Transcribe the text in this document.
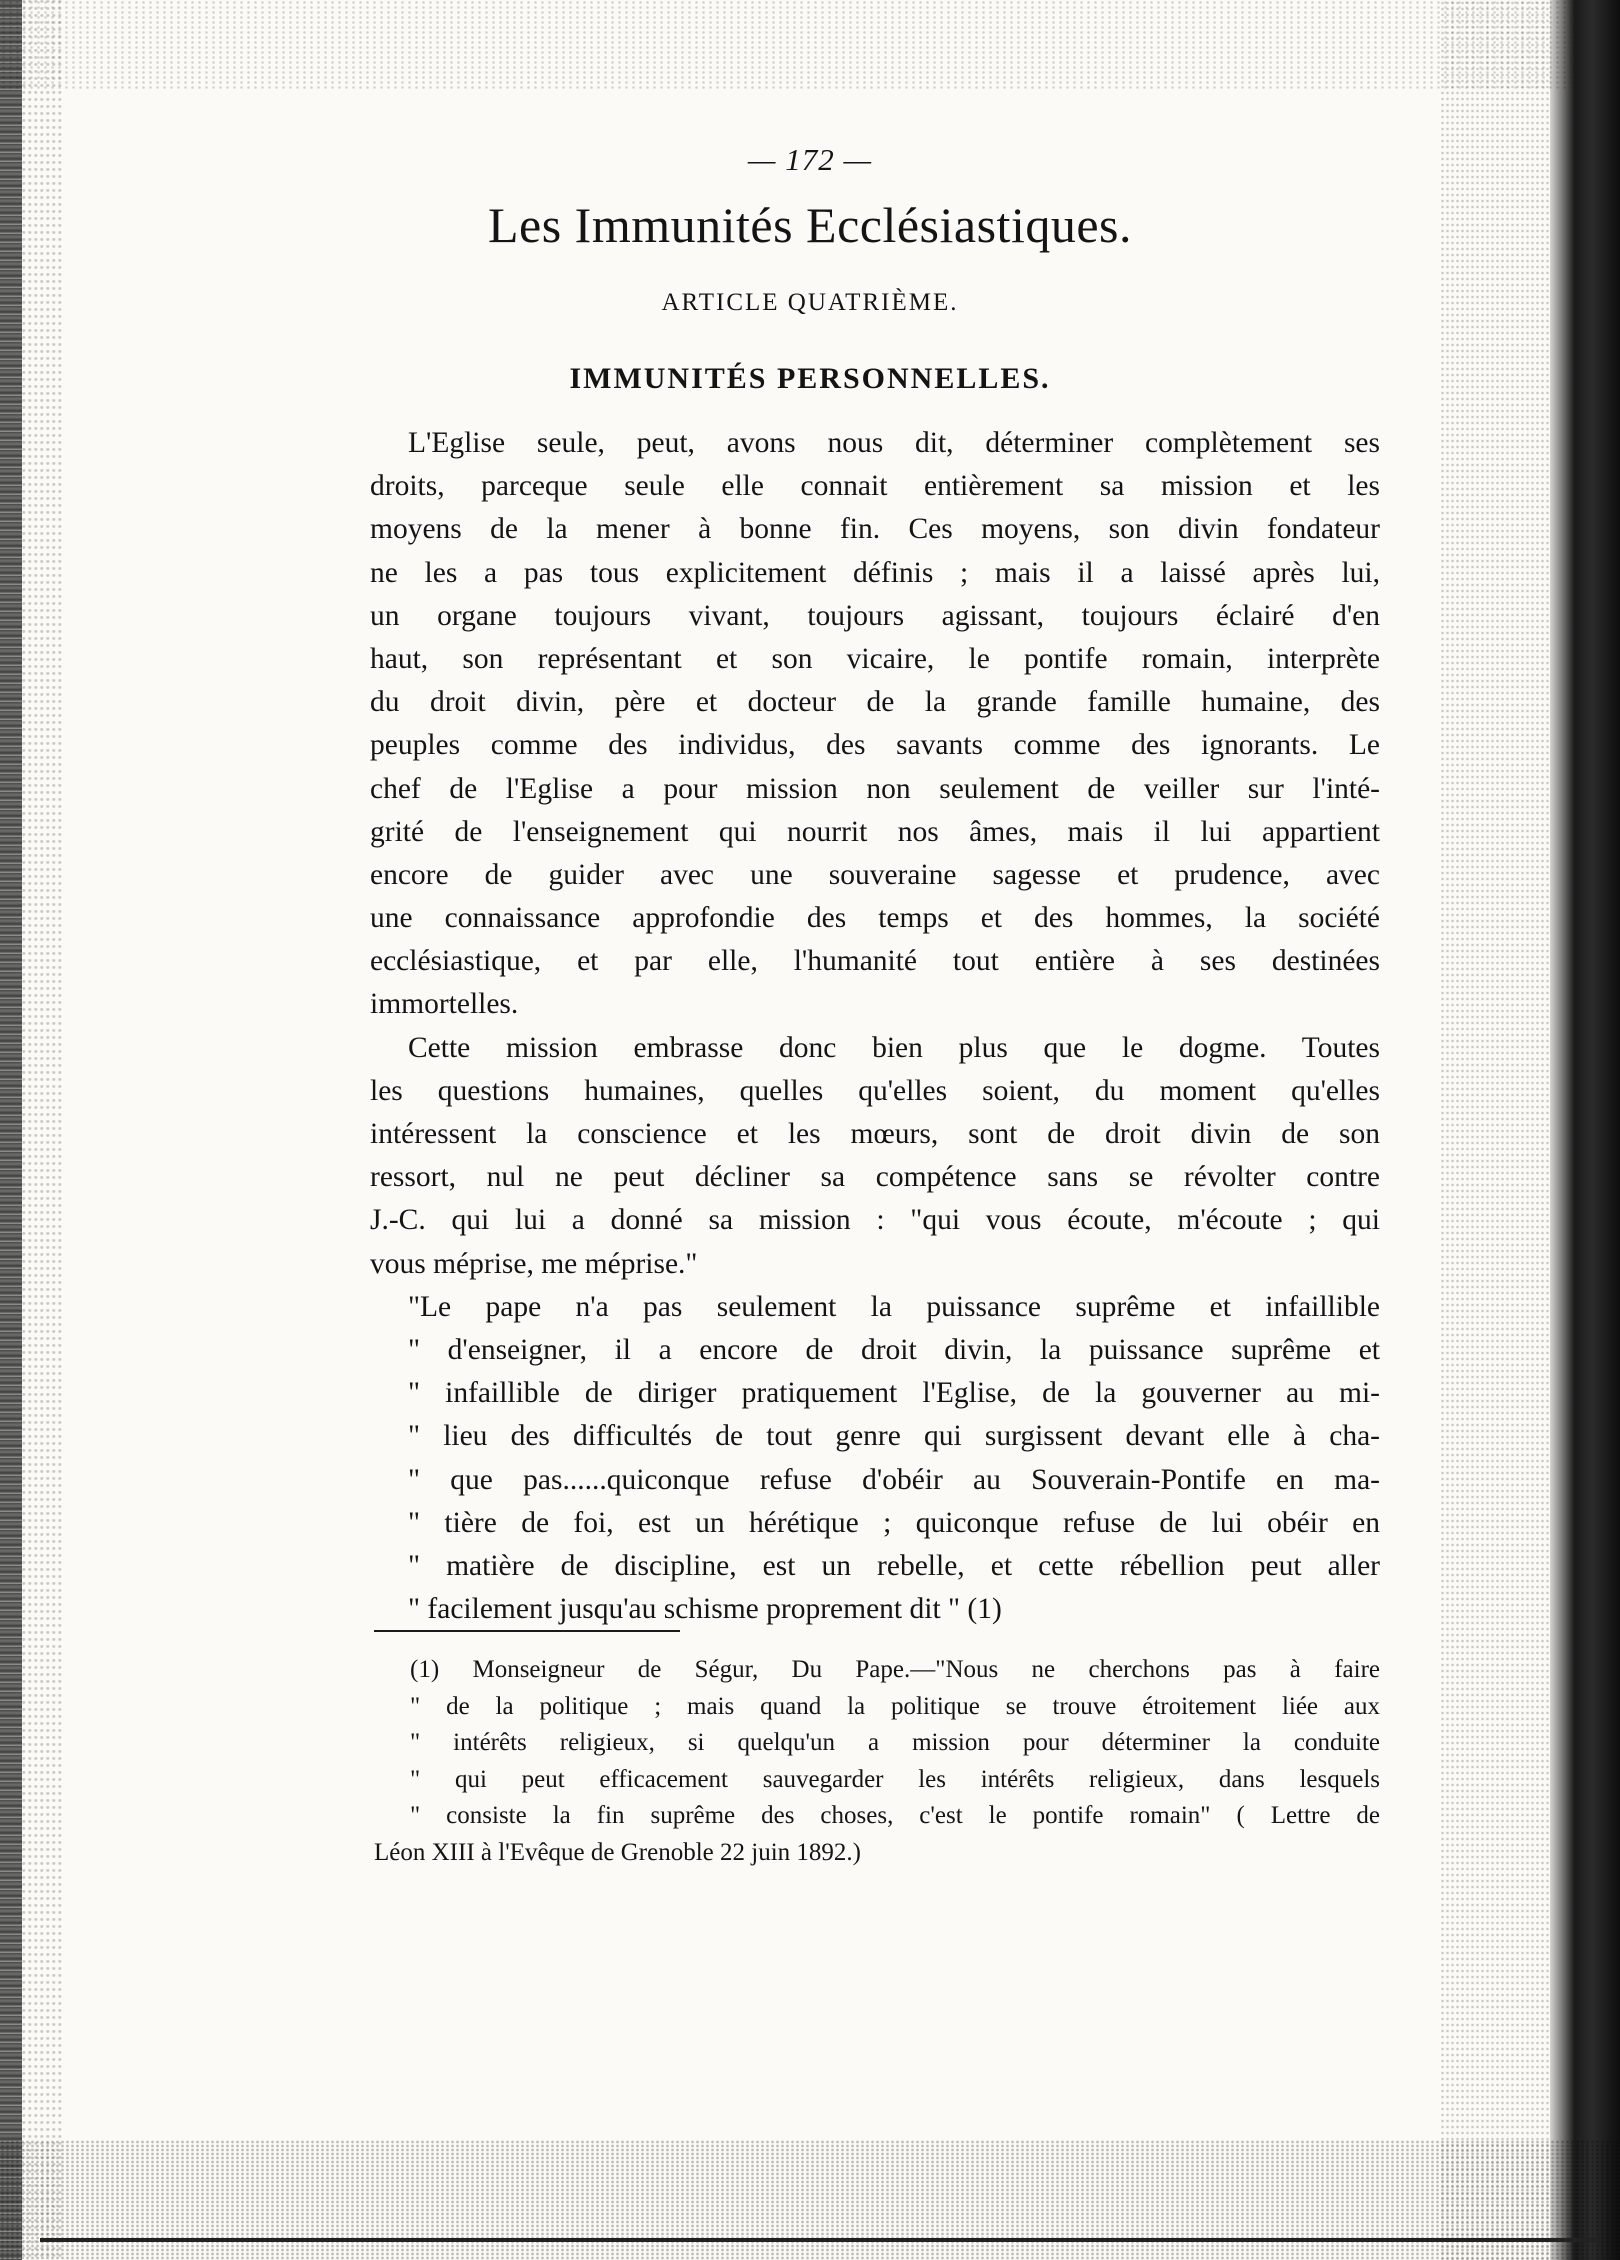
— 172 —
Les Immunités Ecclésiastiques.
ARTICLE QUATRIÈME.
IMMUNITÉS PERSONNELLES.

L'Eglise seule, peut, avons nous dit, déterminer complètement ses

droits, parceque seule elle connait entièrement sa mission et les

moyens de la mener à bonne fin. Ces moyens, son divin fondateur

ne les a pas tous explicitement définis ; mais il a laissé après lui,

un organe toujours vivant, toujours agissant, toujours éclairé d'en

haut, son représentant et son vicaire, le pontife romain, interprète

du droit divin, père et docteur de la grande famille humaine, des

peuples comme des individus, des savants comme des ignorants. Le

chef de l'Eglise a pour mission non seulement de veiller sur l'inté-

grité de l'enseignement qui nourrit nos âmes, mais il lui appartient

encore de guider avec une souveraine sagesse et prudence, avec

une connaissance approfondie des temps et des hommes, la société

ecclésiastique, et par elle, l'humanité tout entière à ses destinées

immortelles.

Cette mission embrasse donc bien plus que le dogme. Toutes

les questions humaines, quelles qu'elles soient, du moment qu'elles

intéressent la conscience et les mœurs, sont de droit divin de son

ressort, nul ne peut décliner sa compétence sans se révolter contre

J.-C. qui lui a donné sa mission : "qui vous écoute, m'écoute ; qui

vous méprise, me méprise."

"Le pape n'a pas seulement la puissance suprême et infaillible

" d'enseigner, il a encore de droit divin, la puissance suprême et

" infaillible de diriger pratiquement l'Eglise, de la gouverner au mi-

" lieu des difficultés de tout genre qui surgissent devant elle à cha-

" que pas......quiconque refuse d'obéir au Souverain-Pontife en ma-

" tière de foi, est un hérétique ; quiconque refuse de lui obéir en

" matière de discipline, est un rebelle, et cette rébellion peut aller

" facilement jusqu'au schisme proprement dit " (1)

(1) Monseigneur de Ségur, Du Pape.—"Nous ne cherchons pas à faire

" de la politique ; mais quand la politique se trouve étroitement liée aux

" intérêts religieux, si quelqu'un a mission pour déterminer la conduite

" qui peut efficacement sauvegarder les intérêts religieux, dans lesquels

" consiste la fin suprême des choses, c'est le pontife romain" ( Lettre de

Léon XIII à l'Evêque de Grenoble 22 juin 1892.)
